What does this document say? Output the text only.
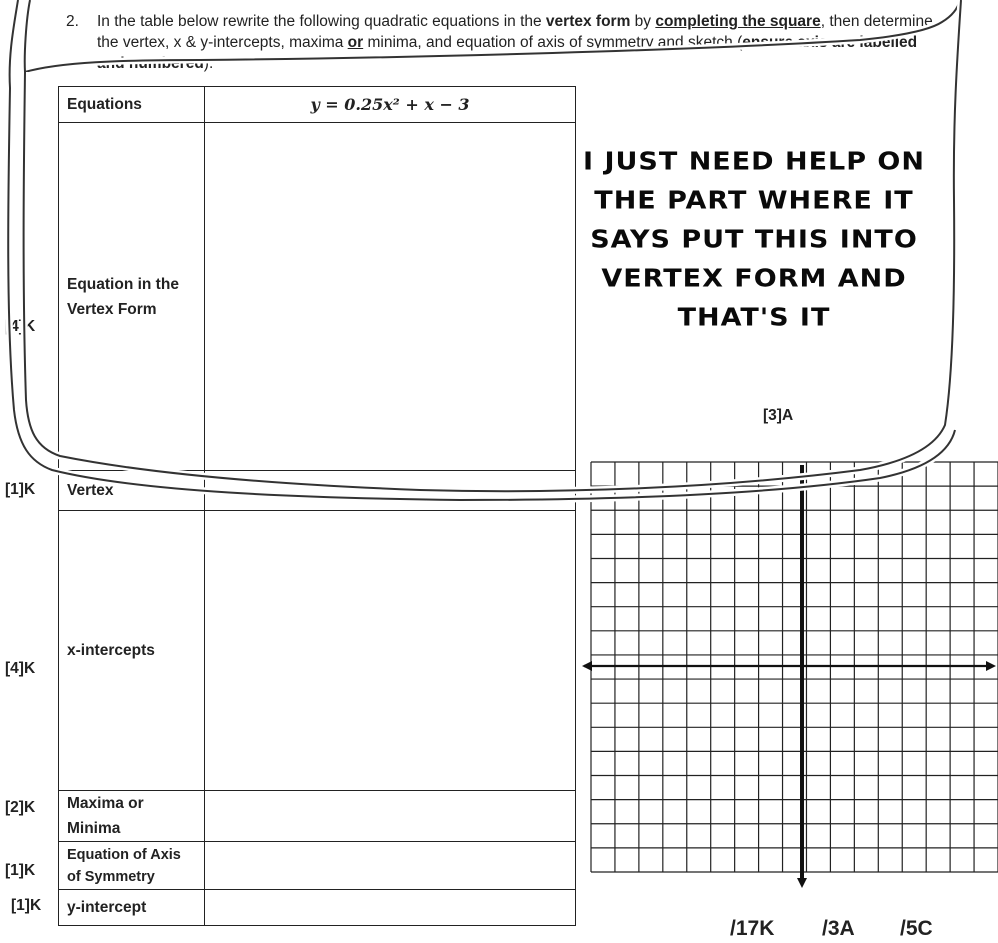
2. In the table below rewrite the following quadratic equations in the vertex form by completing the square, then determine the vertex, x & y-intercepts, maxima or minima, and equation of axis of symmetry and sketch (ensure axis are labelled and numbered).
Equations	y = 0.25x² + x − 3
Equation in the Vertex Form	
Vertex	
x-intercepts	
Maxima or Minima	
Equation of Axis of Symmetry	
y-intercept	
[4]K
[1]K
[4]K
[2]K
[1]K
[1]K
[3]A
I JUST NEED HELP ON
THE PART WHERE IT
SAYS PUT THIS INTO
VERTEX FORM AND
THAT'S IT
/17K /3A /5C
